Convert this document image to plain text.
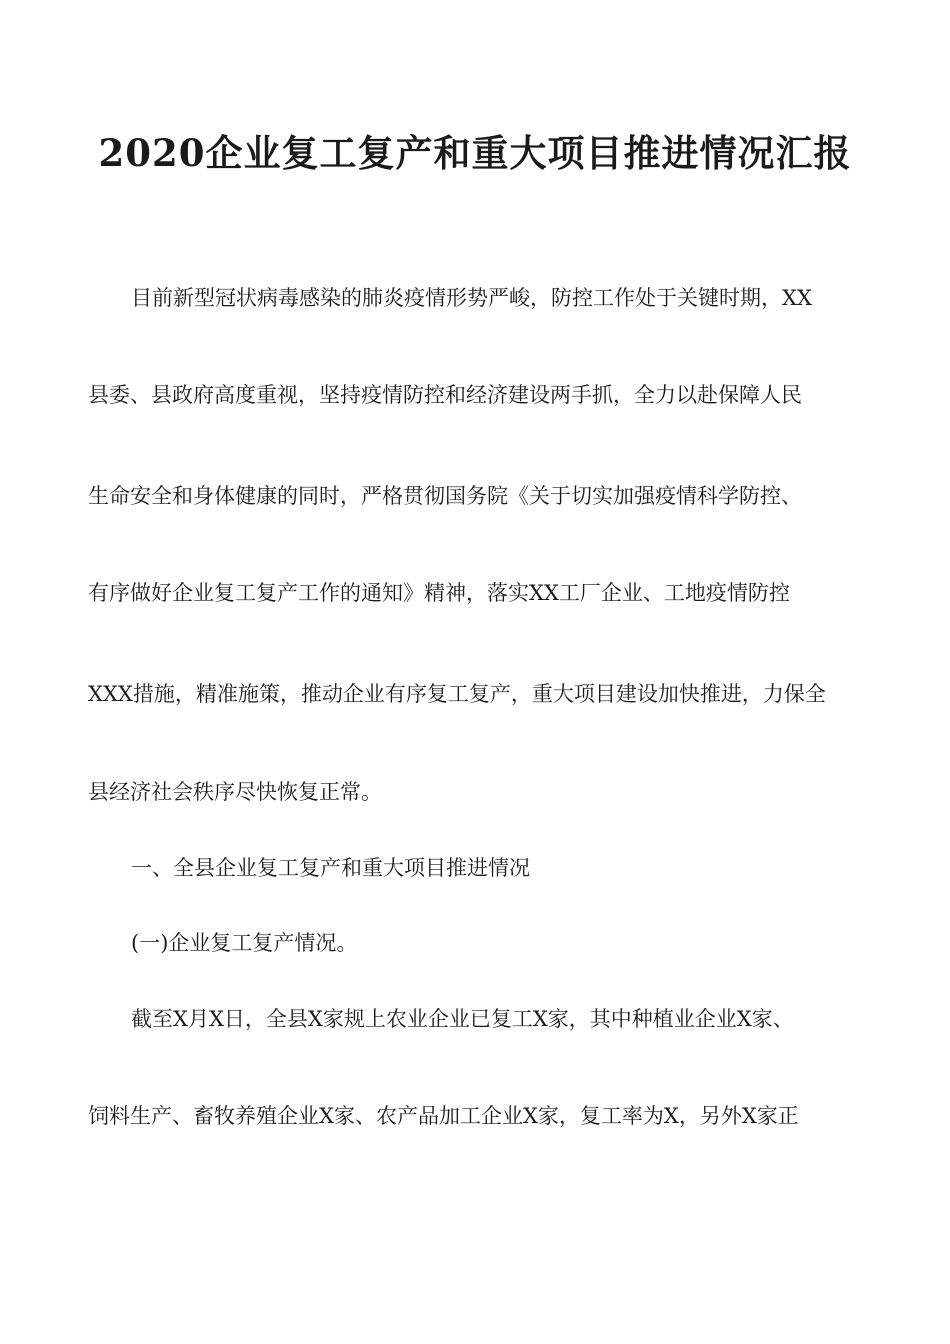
2020企业复工复产和重大项目推进情况汇报
目前新型冠状病毒感染的肺炎疫情形势严峻，防控工作处于关键时期，XX
县委、县政府高度重视，坚持疫情防控和经济建设两手抓，全力以赴保障人民
生命安全和身体健康的同时，严格贯彻国务院《关于切实加强疫情科学防控、
有序做好企业复工复产工作的通知》精神，落实XX工厂企业、工地疫情防控
XXX措施，精准施策，推动企业有序复工复产，重大项目建设加快推进，力保全
县经济社会秩序尽快恢复正常。
一、全县企业复工复产和重大项目推进情况
(一)企业复工复产情况。
截至X月X日，全县X家规上农业企业已复工X家，其中种植业企业X家、
饲料生产、畜牧养殖企业X家、农产品加工企业X家，复工率为X，另外X家正
